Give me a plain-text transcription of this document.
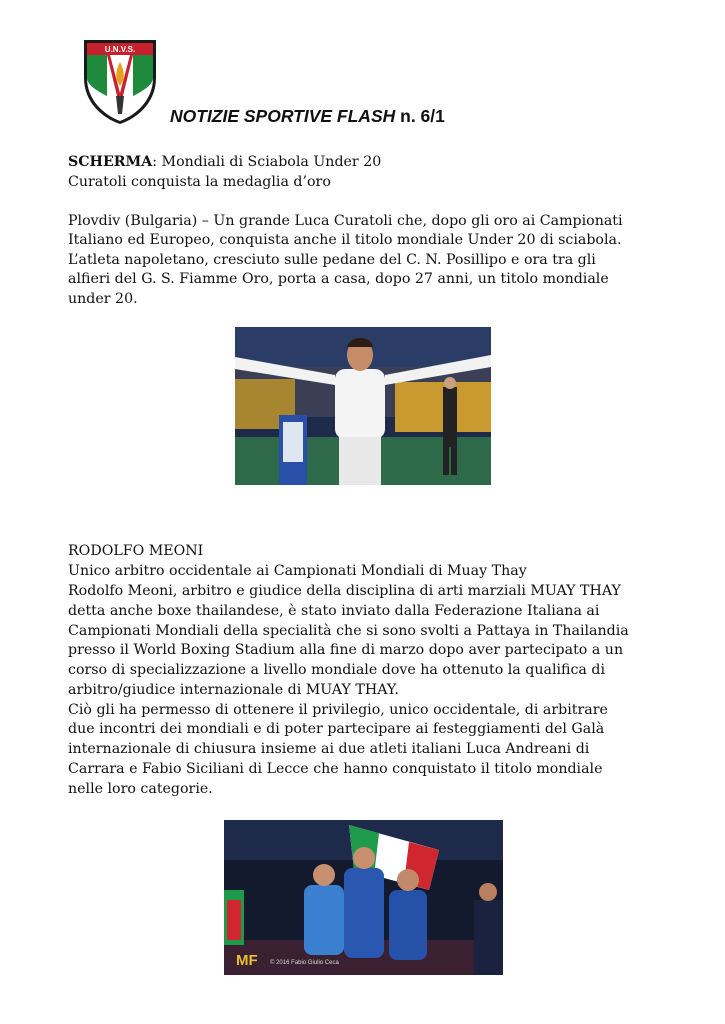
U.N.V.S.
NOTIZIE SPORTIVE FLASH n. 6/1
SCHERMA: Mondiali di Sciabola Under 20
Curatoli conquista la medaglia d’oro
Plovdiv (Bulgaria) – Un grande Luca Curatoli che, dopo gli oro ai Campionati
Italiano ed Europeo, conquista anche il titolo mondiale Under 20 di sciabola.
L’atleta napoletano, cresciuto sulle pedane del C. N. Posillipo e ora tra gli
alfieri del G. S. Fiamme Oro, porta a casa, dopo 27 anni, un titolo mondiale
under 20.
RODOLFO MEONI
Unico arbitro occidentale ai Campionati Mondiali di Muay Thay
Rodolfo Meoni, arbitro e giudice della disciplina di arti marziali MUAY THAY
detta anche boxe thailandese, è stato inviato dalla Federazione Italiana ai
Campionati Mondiali della specialità che si sono svolti a Pattaya in Thailandia
presso il World Boxing Stadium alla fine di marzo dopo aver partecipato a un
corso di specializzazione a livello mondiale dove ha ottenuto la qualifica di
arbitro/giudice internazionale di MUAY THAY.
Ciò gli ha permesso di ottenere il privilegio, unico occidentale, di arbitrare
due incontri dei mondiali e di poter partecipare ai festeggiamenti del Galà
internazionale di chiusura insieme ai due atleti italiani Luca Andreani di
Carrara e Fabio Siciliani di Lecce che hanno conquistato il titolo mondiale
nelle loro categorie.
MF © 2016 Fabio Giulio Ceca
